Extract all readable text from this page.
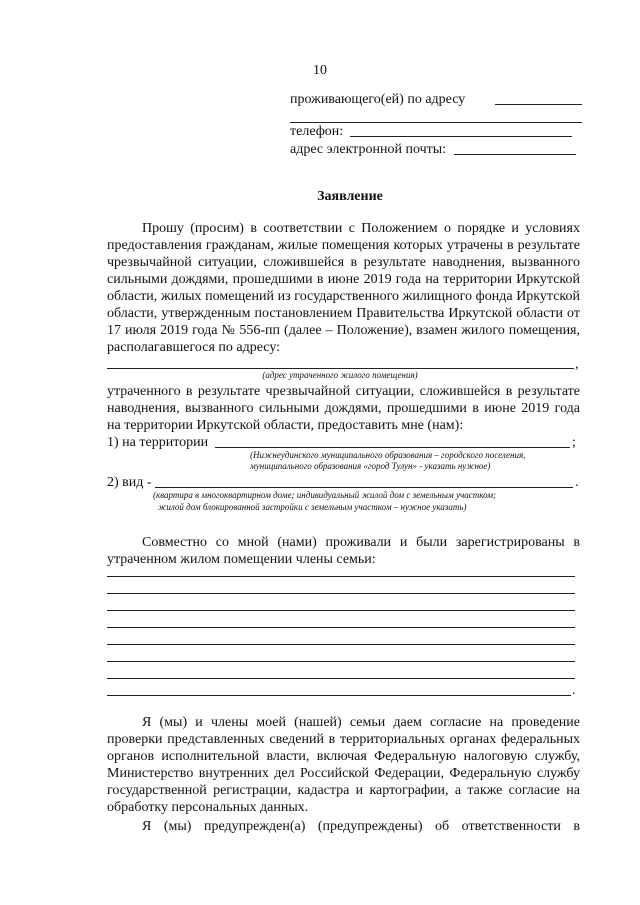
10
проживающего(ей) по адресу
телефон:
адрес электронной почты:
Заявление
Прошу (просим) в соответствии с Положением о порядке и условиях
предоставления гражданам, жилые помещения которых утрачены в результате
чрезвычайной ситуации, сложившейся в результате наводнения, вызванного
сильными дождями, прошедшими в июне 2019 года на территории Иркутской
области, жилых помещений из государственного жилищного фонда Иркутской
области, утвержденным постановлением Правительства Иркутской области от
17 июля 2019 года № 556-пп (далее – Положение), взамен жилого помещения,
располагавшегося по адресу:
,
(адрес утраченного жилого помещения)
утраченного в результате чрезвычайной ситуации, сложившейся в результате
наводнения, вызванного сильными дождями, прошедшими в июне 2019 года
на территории Иркутской области, предоставить мне (нам):
1) на территории	;
(Нижнеудинского муниципального образования – городского поселения,
муниципального образования «город Тулун» - указать нужное)
2) вид -	.
(квартира в многоквартирном доме; индивидуальный жилой дом с земельным участком;
жилой дом блокированной застройки с земельным участком – нужное указать)
Совместно со мной (нами) проживали и были зарегистрированы в
утраченном жилом помещении члены семьи:
.
Я (мы) и члены моей (нашей) семьи даем согласие на проведение
проверки представленных сведений в территориальных органах федеральных
органов исполнительной власти, включая Федеральную налоговую службу,
Министерство внутренних дел Российской Федерации, Федеральную службу
государственной регистрации, кадастра и картографии, а также согласие на
обработку персональных данных.
Я (мы) предупрежден(а) (предупреждены) об ответственности в
